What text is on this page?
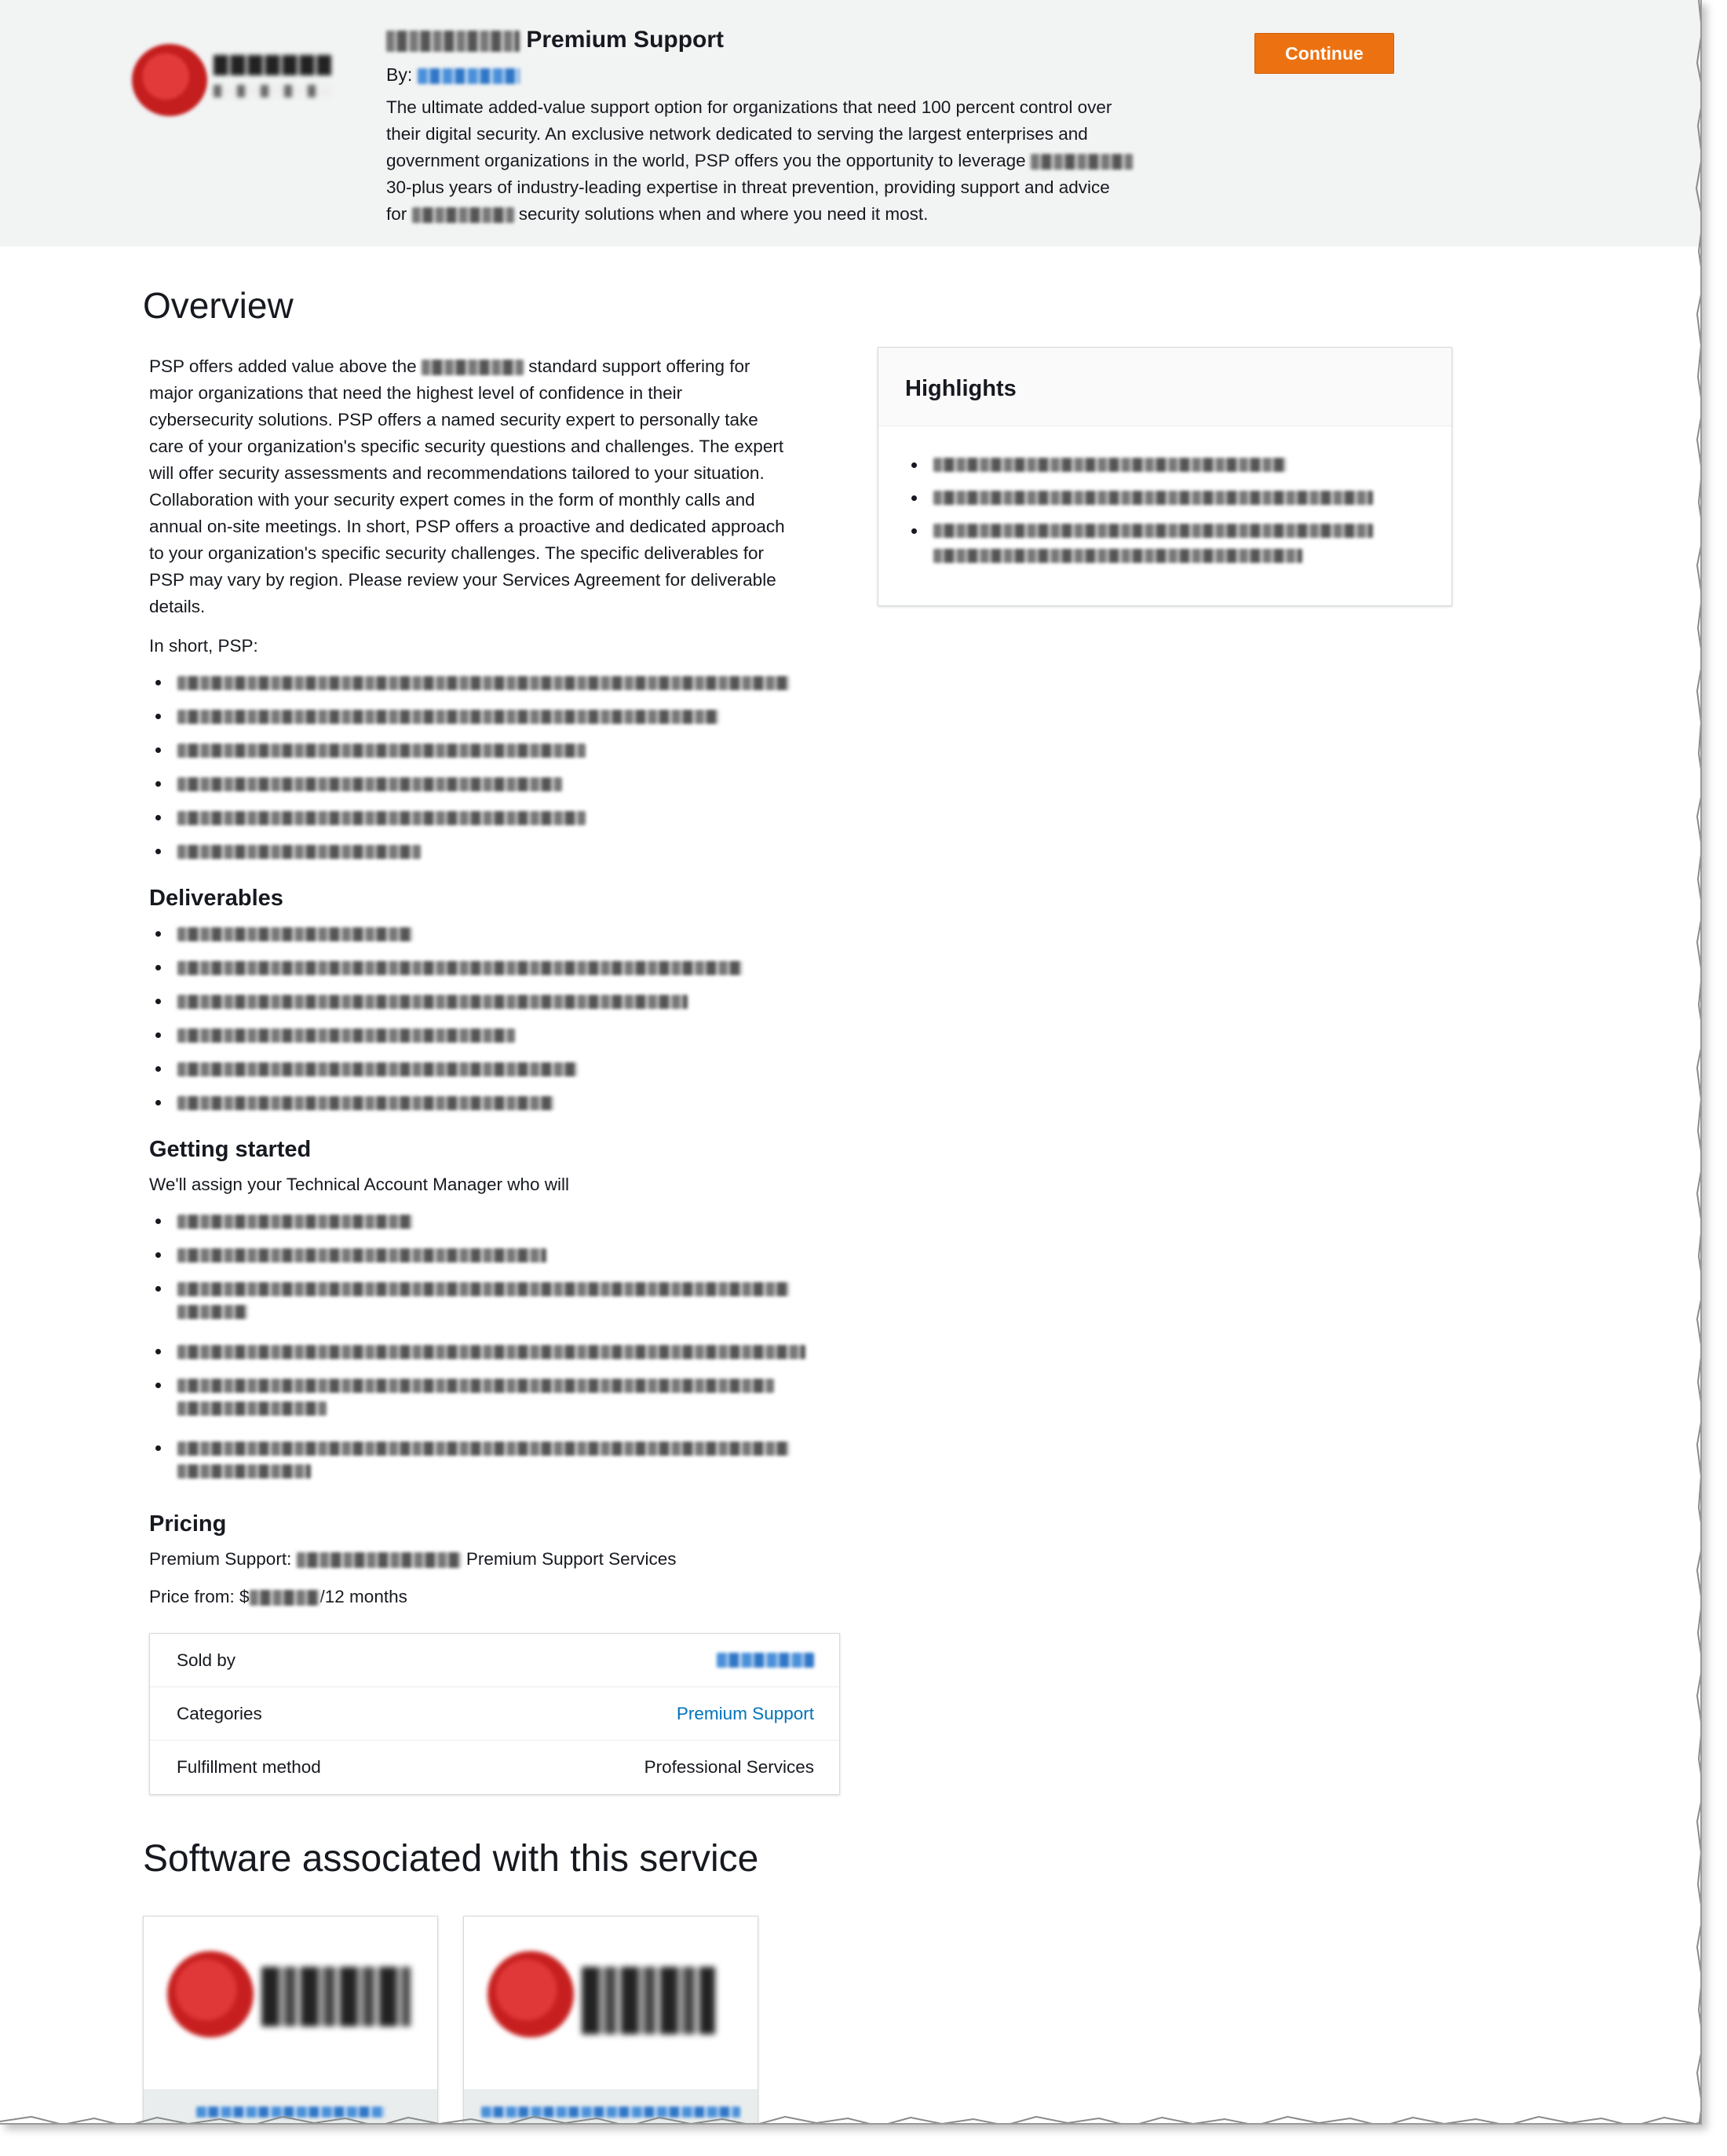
Premium Support
By:
The ultimate added-value support option for organizations that need 100 percent control over
their digital security. An exclusive network dedicated to serving the largest enterprises and
government organizations in the world, PSP offers you the opportunity to leverage
30-plus years of industry-leading expertise in threat prevention, providing support and advice
for	security solutions when and where you need it most.
Continue
Overview

PSP offers added value above the	standard support offering for
major organizations that need the highest level of confidence in their
cybersecurity solutions. PSP offers a named security expert to personally take
care of your organization's specific security questions and challenges. The expert
will offer security assessments and recommendations tailored to your situation.
Collaboration with your security expert comes in the form of monthly calls and
annual on-site meetings. In short, PSP offers a proactive and dedicated approach
to your organization's specific security challenges. The specific deliverables for
PSP may vary by region. Please review your Services Agreement for deliverable
details.

In short, PSP:

Deliverables
Getting started

We'll assign your Technical Account Manager who will

Pricing

Premium Support:	Premium Support Services

Price from: $	/12 months

Highlights
Sold by
Categories	Premium Support
Fulfillment method	Professional Services
Software associated with this service
